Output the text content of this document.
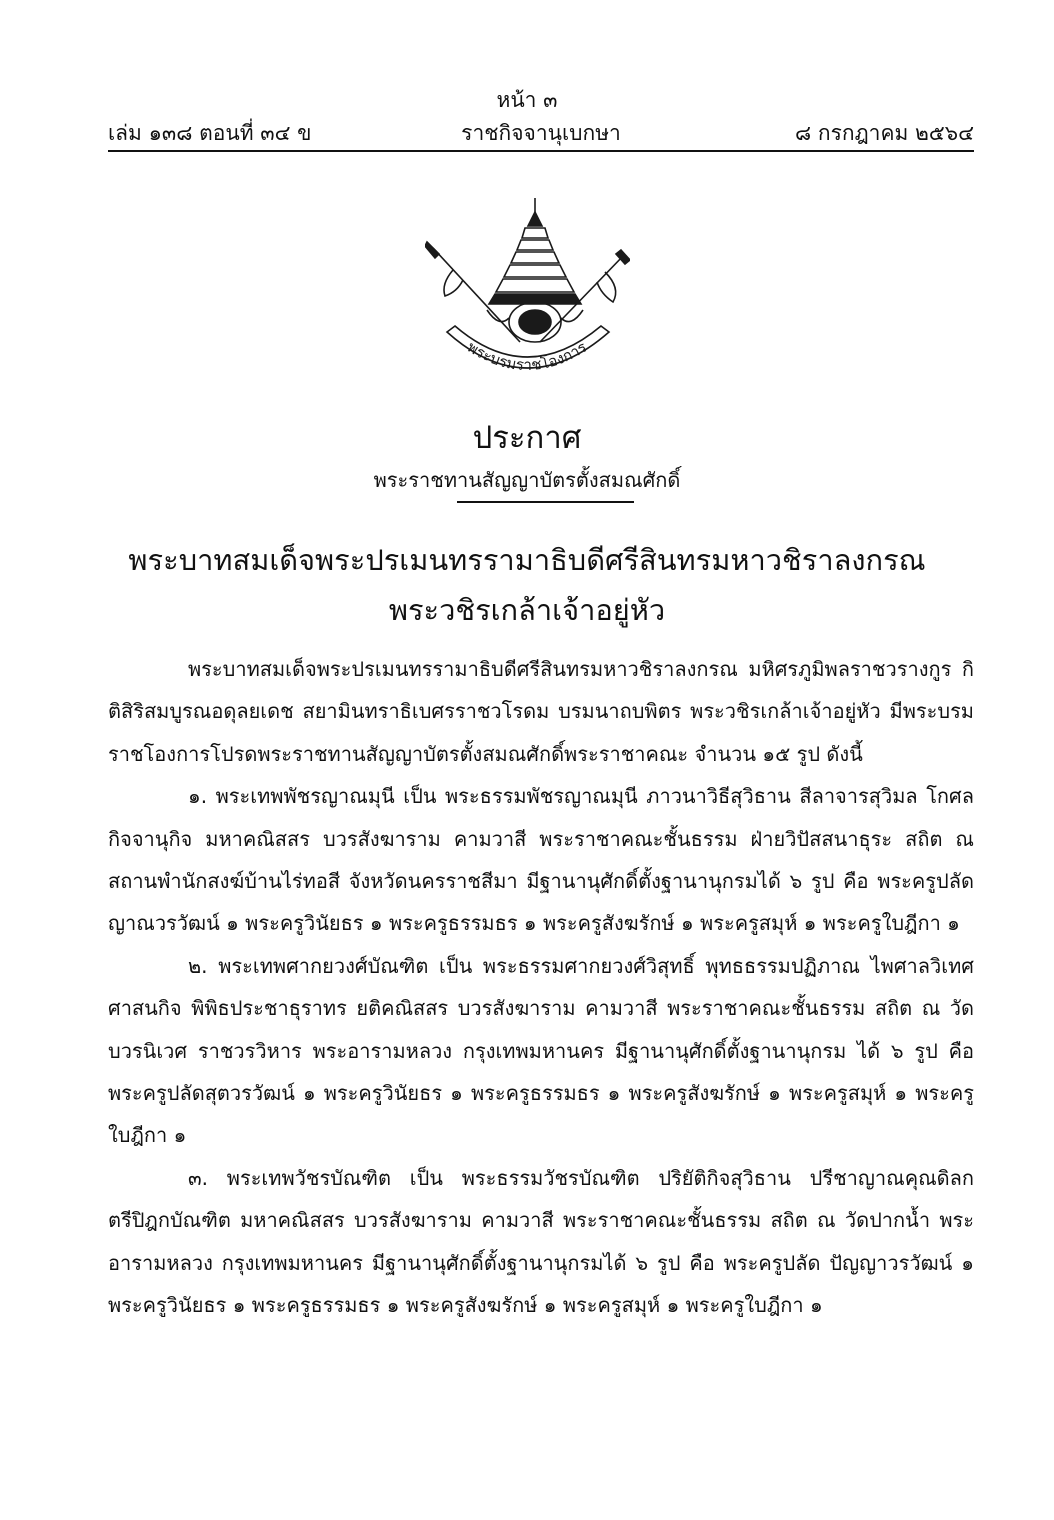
หน้า ๓
เล่ม ๑๓๘ ตอนที่ ๓๔ ข	ราชกิจจานุเบกษา	๘ กรกฎาคม ๒๕๖๔
พระบรมราชโองการ
ประกาศ
พระราชทานสัญญาบัตรตั้งสมณศักดิ์
พระบาทสมเด็จพระปรเมนทรรามาธิบดีศรีสินทรมหาวชิราลงกรณ
พระวชิรเกล้าเจ้าอยู่หัว

พระบาทสมเด็จพระปรเมนทรรามาธิบดีศรีสินทรมหาวชิราลงกรณ มหิศรภูมิพลราชวรางกูร กิติสิริสมบูรณอดุลยเดช สยามินทราธิเบศรราชวโรดม บรมนาถบพิตร พระวชิรเกล้าเจ้าอยู่หัว มีพระบรมราชโองการโปรดพระราชทานสัญญาบัตรตั้งสมณศักดิ์พระราชาคณะ จำนวน ๑๕ รูป ดังนี้

๑. พระเทพพัชรญาณมุนี เป็น พระธรรมพัชรญาณมุนี ภาวนาวิธีสุวิธาน สีลาจารสุวิมล โกศลกิจจานุกิจ มหาคณิสสร บวรสังฆาราม คามวาสี พระราชาคณะชั้นธรรม ฝ่ายวิปัสสนาธุระ สถิต ณ สถานพำนักสงฆ์บ้านไร่ทอสี จังหวัดนครราชสีมา มีฐานานุศักดิ์ตั้งฐานานุกรมได้ ๖ รูป คือ พระครูปลัดญาณวรวัฒน์ ๑ พระครูวินัยธร ๑ พระครูธรรมธร ๑ พระครูสังฆรักษ์ ๑ พระครูสมุห์ ๑ พระครูใบฎีกา ๑

๒. พระเทพศากยวงศ์บัณฑิต เป็น พระธรรมศากยวงศ์วิสุทธิ์ พุทธธรรมปฏิภาณ ไพศาลวิเทศศาสนกิจ พิพิธประชาธุราทร ยติคณิสสร บวรสังฆาราม คามวาสี พระราชาคณะชั้นธรรม สถิต ณ วัดบวรนิเวศ ราชวรวิหาร พระอารามหลวง กรุงเทพมหานคร มีฐานานุศักดิ์ตั้งฐานานุกรม ได้ ๖ รูป คือ พระครูปลัดสุตวรวัฒน์ ๑ พระครูวินัยธร ๑ พระครูธรรมธร ๑ พระครูสังฆรักษ์ ๑ พระครูสมุห์ ๑ พระครูใบฎีกา ๑

๓. พระเทพวัชรบัณฑิต เป็น พระธรรมวัชรบัณฑิต ปริยัติกิจสุวิธาน ปรีชาญาณคุณดิลก ตรีปิฎกบัณฑิต มหาคณิสสร บวรสังฆาราม คามวาสี พระราชาคณะชั้นธรรม สถิต ณ วัดปากน้ำ พระอารามหลวง กรุงเทพมหานคร มีฐานานุศักดิ์ตั้งฐานานุกรมได้ ๖ รูป คือ พระครูปลัด ปัญญาวรวัฒน์ ๑ พระครูวินัยธร ๑ พระครูธรรมธร ๑ พระครูสังฆรักษ์ ๑ พระครูสมุห์ ๑ พระครูใบฎีกา ๑
